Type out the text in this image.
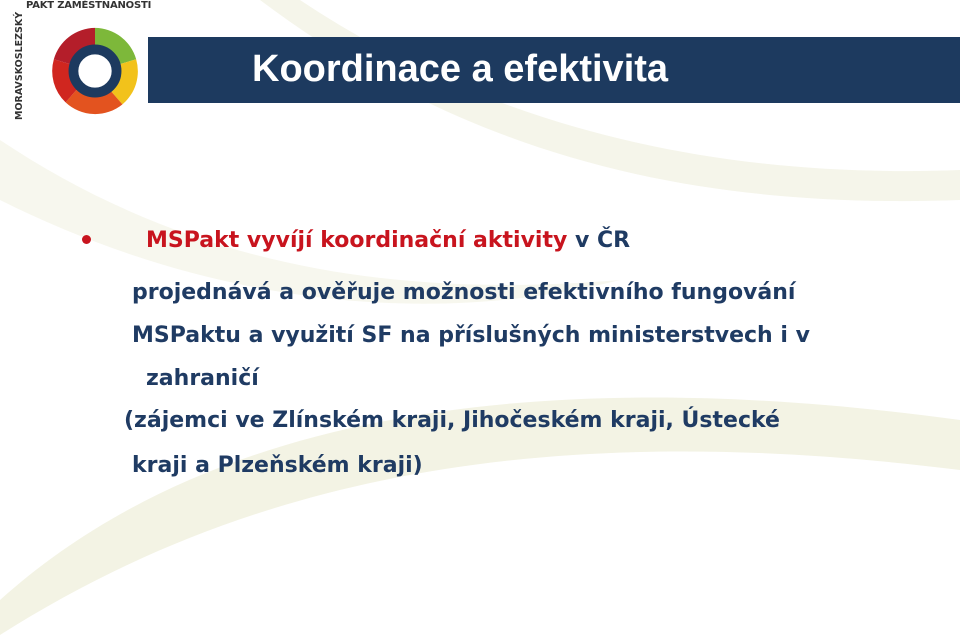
PAKT ZAMĚSTNANOSTI
MORAVSKOSLEZSKÝ	Koordinace a efektivita
MSPakt vyvíjí koordinační aktivity v ČR
projednává a ověřuje možnosti efektivního fungování
MSPaktu a využití SF na příslušných ministerstvech i v
zahraničí
(zájemci ve Zlínském kraji, Jihočeském kraji, Ústecké
kraji a Plzeňském kraji)
